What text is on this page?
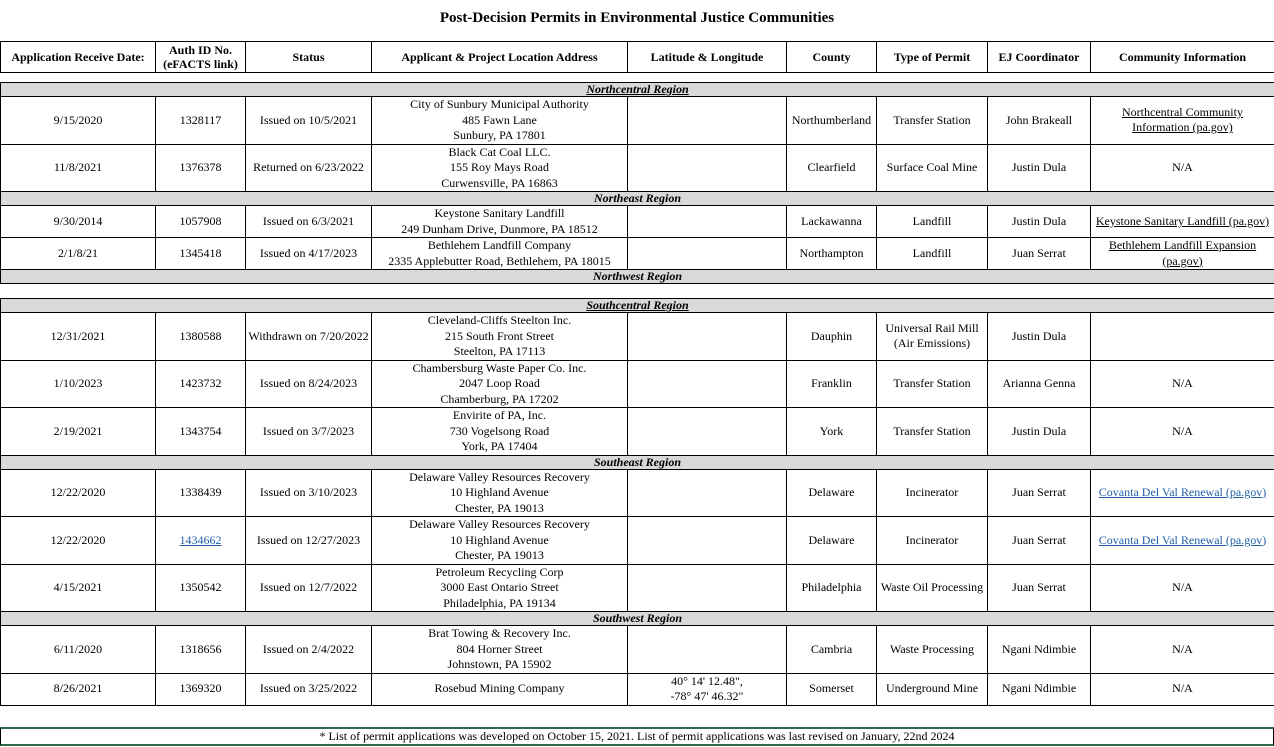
Post-Decision Permits in Environmental Justice Communities
Application Receive Date:	Auth ID No.
(eFACTS link)	Status	Applicant & Project Location Address	Latitude & Longitude	County	Type of Permit	EJ Coordinator	Community Information

Northcentral Region								
9/15/2020	1328117	Issued on 10/5/2021	City of Sunbury Municipal Authority
485 Fawn Lane
Sunbury, PA 17801		Northumberland	Transfer Station	John Brakeall	Northcentral Community
Information (pa.gov)
11/8/2021	1376378	Returned on 6/23/2022	Black Cat Coal LLC.
155 Roy Mays Road
Curwensville, PA 16863		Clearfield	Surface Coal Mine	Justin Dula	N/A
Northeast Region								
9/30/2014	1057908	Issued on 6/3/2021	Keystone Sanitary Landfill
249 Dunham Drive, Dunmore, PA 18512		Lackawanna	Landfill	Justin Dula	Keystone Sanitary Landfill (pa.gov)
2/1/8/21	1345418	Issued on 4/17/2023	Bethlehem Landfill Company
2335 Applebutter Road, Bethlehem, PA 18015		Northampton	Landfill	Juan Serrat	Bethlehem Landfill Expansion
(pa.gov)
Northwest Region								

Southcentral Region								
12/31/2021	1380588	Withdrawn on 7/20/2022	Cleveland-Cliffs Steelton Inc.
215 South Front Street
Steelton, PA 17113		Dauphin	Universal Rail Mill
(Air Emissions)	Justin Dula	
1/10/2023	1423732	Issued on 8/24/2023	Chambersburg Waste Paper Co. Inc.
2047 Loop Road
Chamberburg, PA 17202		Franklin	Transfer Station	Arianna Genna	N/A
2/19/2021	1343754	Issued on 3/7/2023	Envirite of PA, Inc.
730 Vogelsong Road
York, PA 17404		York	Transfer Station	Justin Dula	N/A
Southeast Region								
12/22/2020	1338439	Issued on 3/10/2023	Delaware Valley Resources Recovery
10 Highland Avenue
Chester, PA 19013		Delaware	Incinerator	Juan Serrat	Covanta Del Val Renewal (pa.gov)
12/22/2020	1434662	Issued on 12/27/2023	Delaware Valley Resources Recovery
10 Highland Avenue
Chester, PA 19013		Delaware	Incinerator	Juan Serrat	Covanta Del Val Renewal (pa.gov)
4/15/2021	1350542	Issued on 12/7/2022	Petroleum Recycling Corp
3000 East Ontario Street
Philadelphia, PA 19134		Philadelphia	Waste Oil Processing	Juan Serrat	N/A
Southwest Region								
6/11/2020	1318656	Issued on 2/4/2022	Brat Towing & Recovery Inc.
804 Horner Street
Johnstown, PA 15902		Cambria	Waste Processing	Ngani Ndimbie	N/A
8/26/2021	1369320	Issued on 3/25/2022	Rosebud Mining Company	40° 14' 12.48",
-78° 47' 46.32"	Somerset	Underground Mine	Ngani Ndimbie	N/A
* List of permit applications was developed on October 15, 2021. List of permit applications was last revised on January, 22nd 2024
